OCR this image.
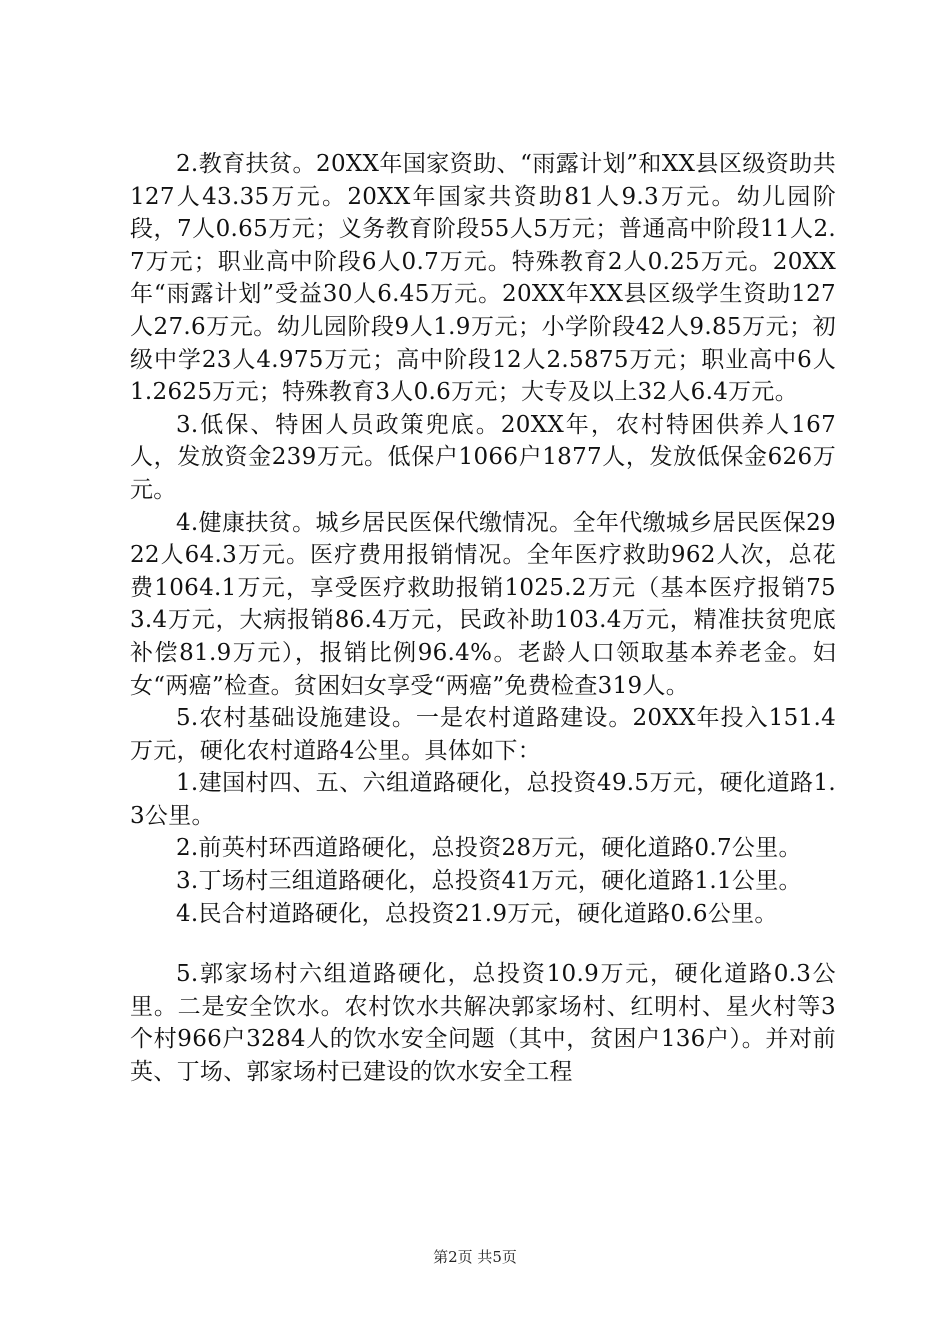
2.教育扶贫。20XX年国家资助、“雨露计划”和XX县区级资助共127人43.35万元。20XX年国家共资助81人9.3万元。幼儿园阶段，7人0.65万元；义务教育阶段55人5万元；普通高中阶段11人2.7万元；职业高中阶段6人0.7万元。特殊教育2人0.25万元。20XX年“雨露计划”受益30人6.45万元。20XX年XX县区级学生资助127人27.6万元。幼儿园阶段9人1.9万元；小学阶段42人9.85万元；初级中学23人4.975万元；高中阶段12人2.5875万元；职业高中6人1.2625万元；特殊教育3人0.6万元；大专及以上32人6.4万元。

3.低保、特困人员政策兜底。20XX年，农村特困供养人167人，发放资金239万元。低保户1066户1877人，发放低保金626万元。

4.健康扶贫。城乡居民医保代缴情况。全年代缴城乡居民医保2922人64.3万元。医疗费用报销情况。全年医疗救助962人次，总花费1064.1万元，享受医疗救助报销1025.2万元（基本医疗报销753.4万元，大病报销86.4万元，民政补助103.4万元，精准扶贫兜底补偿81.9万元），报销比例96.4%。老龄人口领取基本养老金。妇女“两癌”检查。贫困妇女享受“两癌”免费检查319人。

5.农村基础设施建设。一是农村道路建设。20XX年投入151.4万元，硬化农村道路4公里。具体如下：

1.建国村四、五、六组道路硬化，总投资49.5万元，硬化道路1.3公里。

2.前英村环西道路硬化，总投资28万元，硬化道路0.7公里。

3.丁场村三组道路硬化，总投资41万元，硬化道路1.1公里。

4.民合村道路硬化，总投资21.9万元，硬化道路0.6公里。

5.郭家场村六组道路硬化，总投资10.9万元，硬化道路0.3公里。二是安全饮水。农村饮水共解决郭家场村、红明村、星火村等3个村966户3284人的饮水安全问题（其中，贫困户136户）。并对前英、丁场、郭家场村已建设的饮水安全工程

第2页 共5页
